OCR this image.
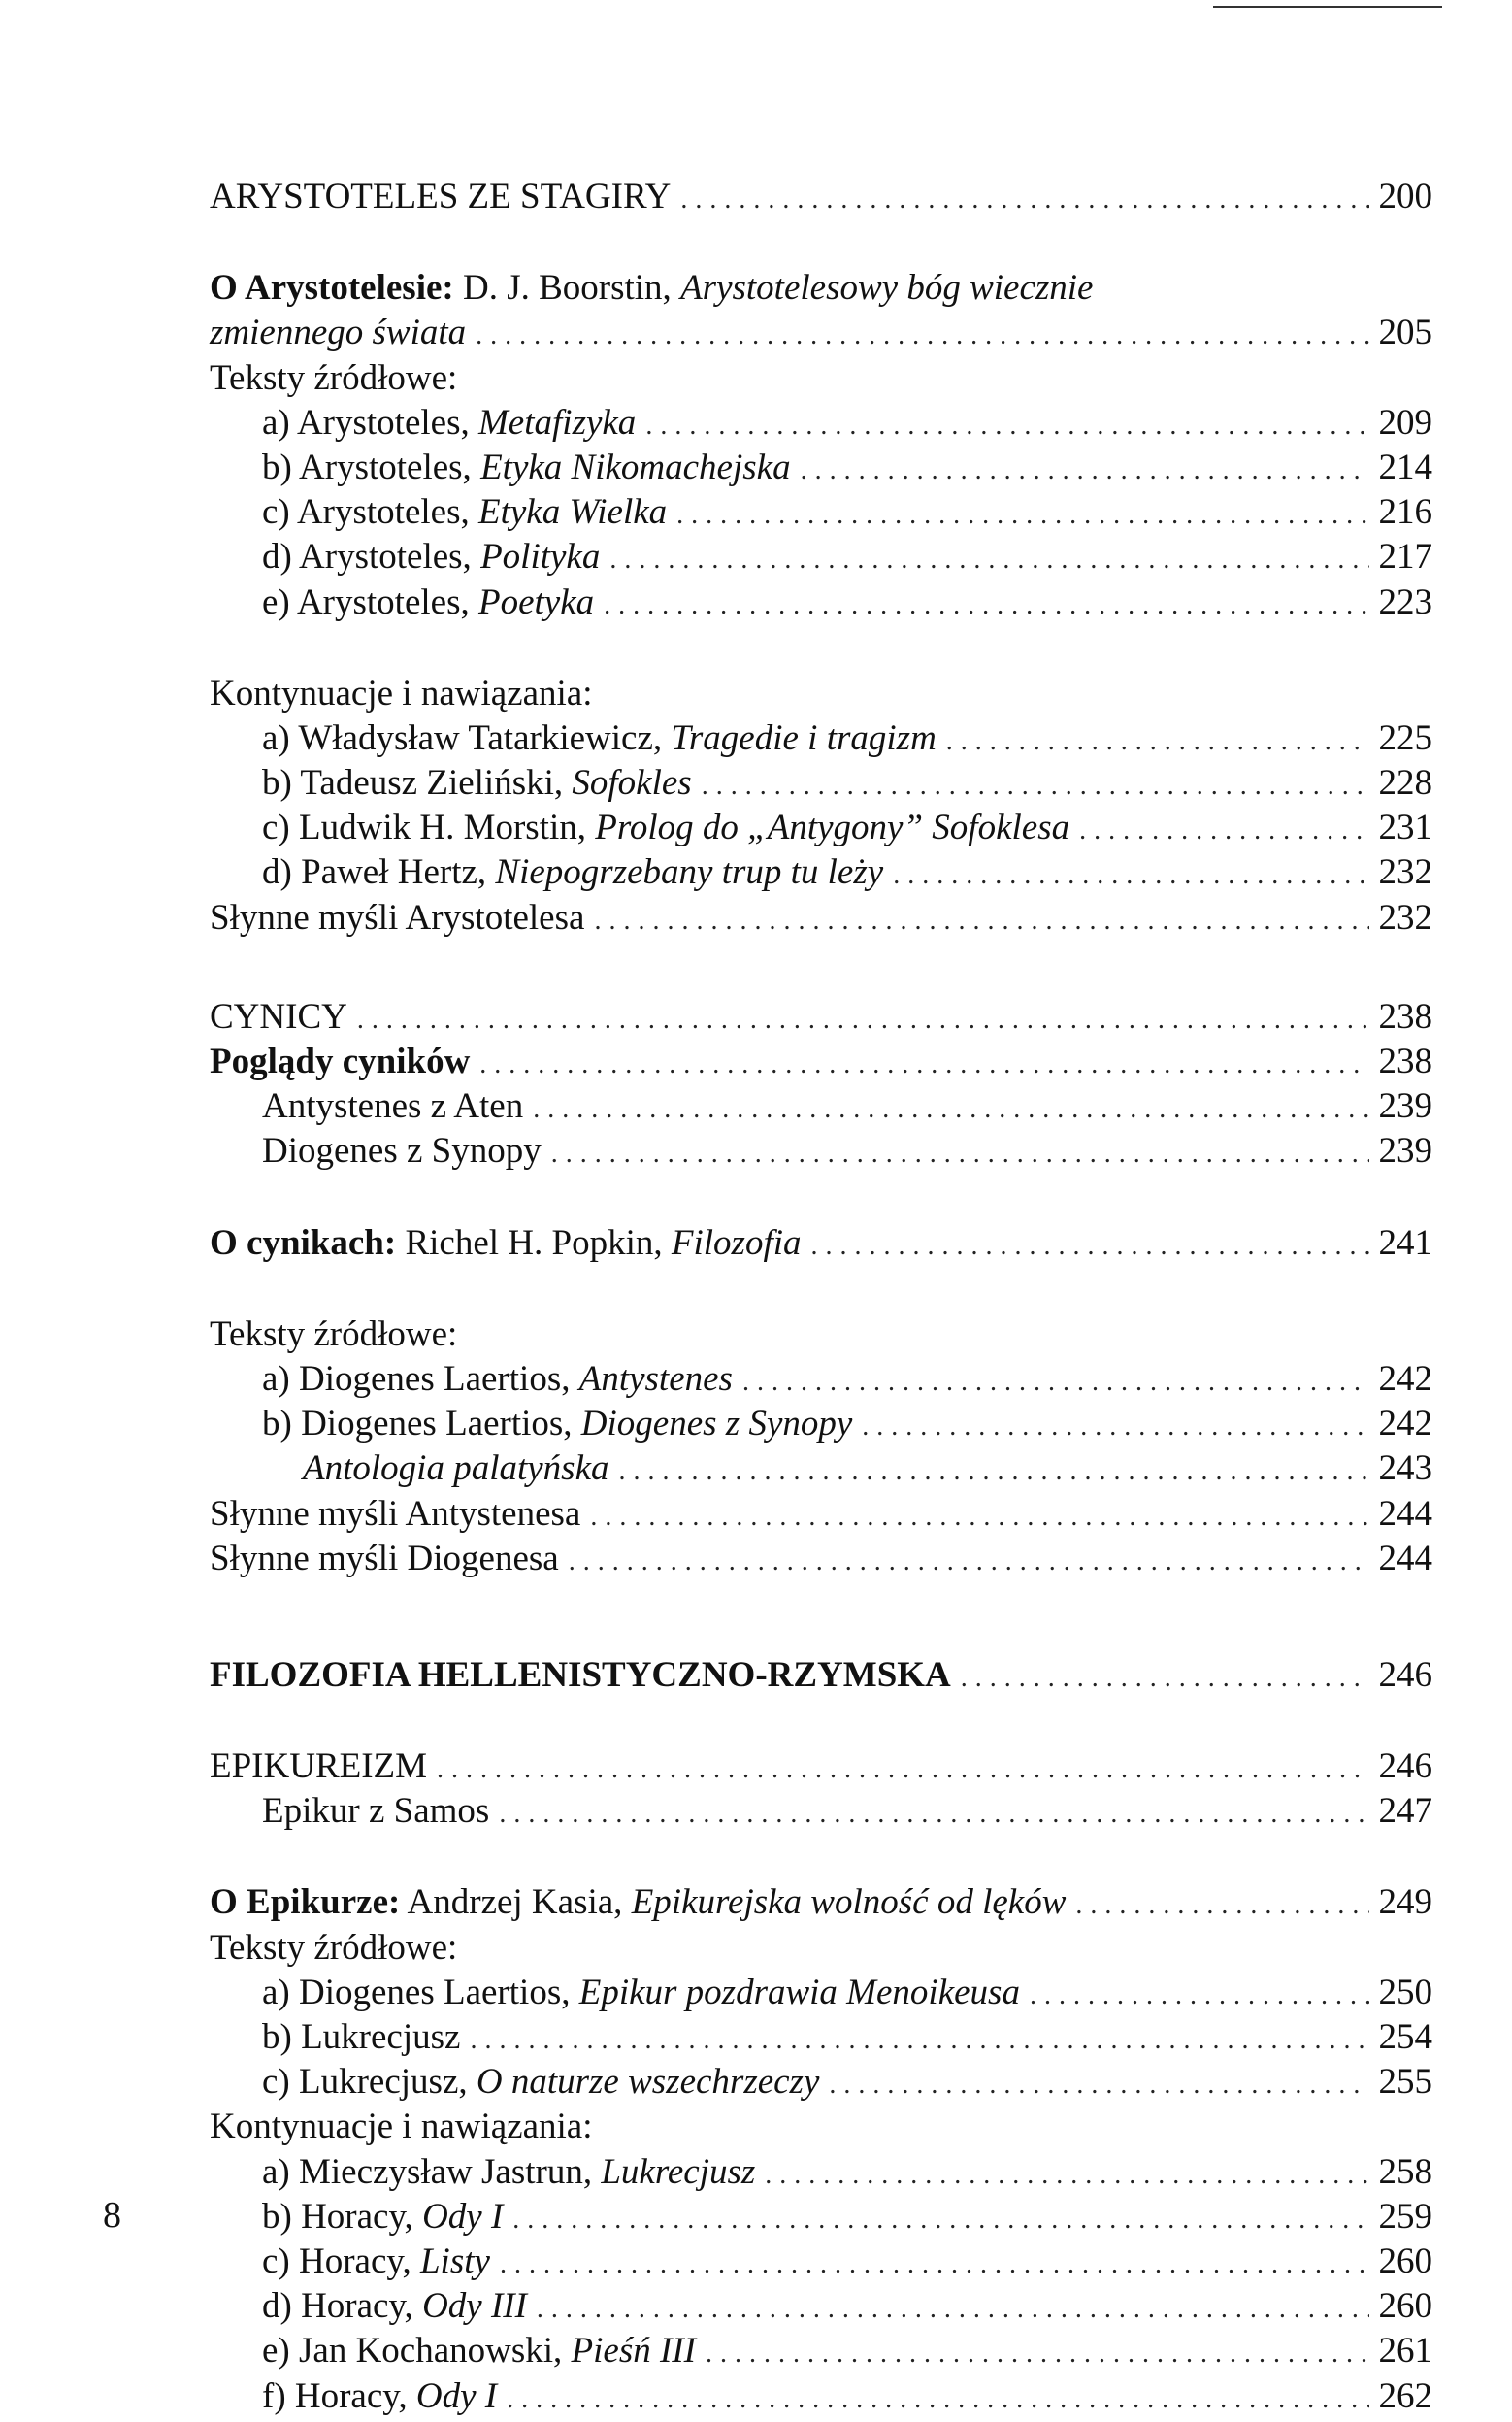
ARYSTOTELES ZE STAGIRY .....	200
O Arystotelesie: D. J. Boorstin, Arystotelesowy bóg wiecznie
zmiennego świata .....	205
Teksty źródłowe:
a) Arystoteles, Metafizyka .....	209
b) Arystoteles, Etyka Nikomachejska .....	214
c) Arystoteles, Etyka Wielka .....	216
d) Arystoteles, Polityka .....	217
e) Arystoteles, Poetyka .....	223
Kontynuacje i nawiązania:
a) Władysław Tatarkiewicz, Tragedie i tragizm .....	225
b) Tadeusz Zieliński, Sofokles .....	228
c) Ludwik H. Morstin, Prolog do „Antygony” Sofoklesa .....	231
d) Paweł Hertz, Niepogrzebany trup tu leży .....	232
Słynne myśli Arystotelesa .....	232
CYNICY .....	238
Poglądy cyników .....	238
Antystenes z Aten .....	239
Diogenes z Synopy .....	239
O cynikach: Richel H. Popkin, Filozofia .....	241
Teksty źródłowe:
a) Diogenes Laertios, Antystenes .....	242
b) Diogenes Laertios, Diogenes z Synopy .....	242
Antologia palatyńska .....	243
Słynne myśli Antystenesa .....	244
Słynne myśli Diogenesa .....	244
FILOZOFIA HELLENISTYCZNO-RZYMSKA .....	246
EPIKUREIZM .....	246
Epikur z Samos .....	247
O Epikurze: Andrzej Kasia, Epikurejska wolność od lęków .....	249
Teksty źródłowe:
a) Diogenes Laertios, Epikur pozdrawia Menoikeusa .....	250
b) Lukrecjusz .....	254
c) Lukrecjusz, O naturze wszechrzeczy .....	255
Kontynuacje i nawiązania:
a) Mieczysław Jastrun, Lukrecjusz .....	258
b) Horacy, Ody I .....	259
c) Horacy, Listy .....	260
d) Horacy, Ody III .....	260
e) Jan Kochanowski, Pieśń III .....	261
f) Horacy, Ody I .....	262
8
